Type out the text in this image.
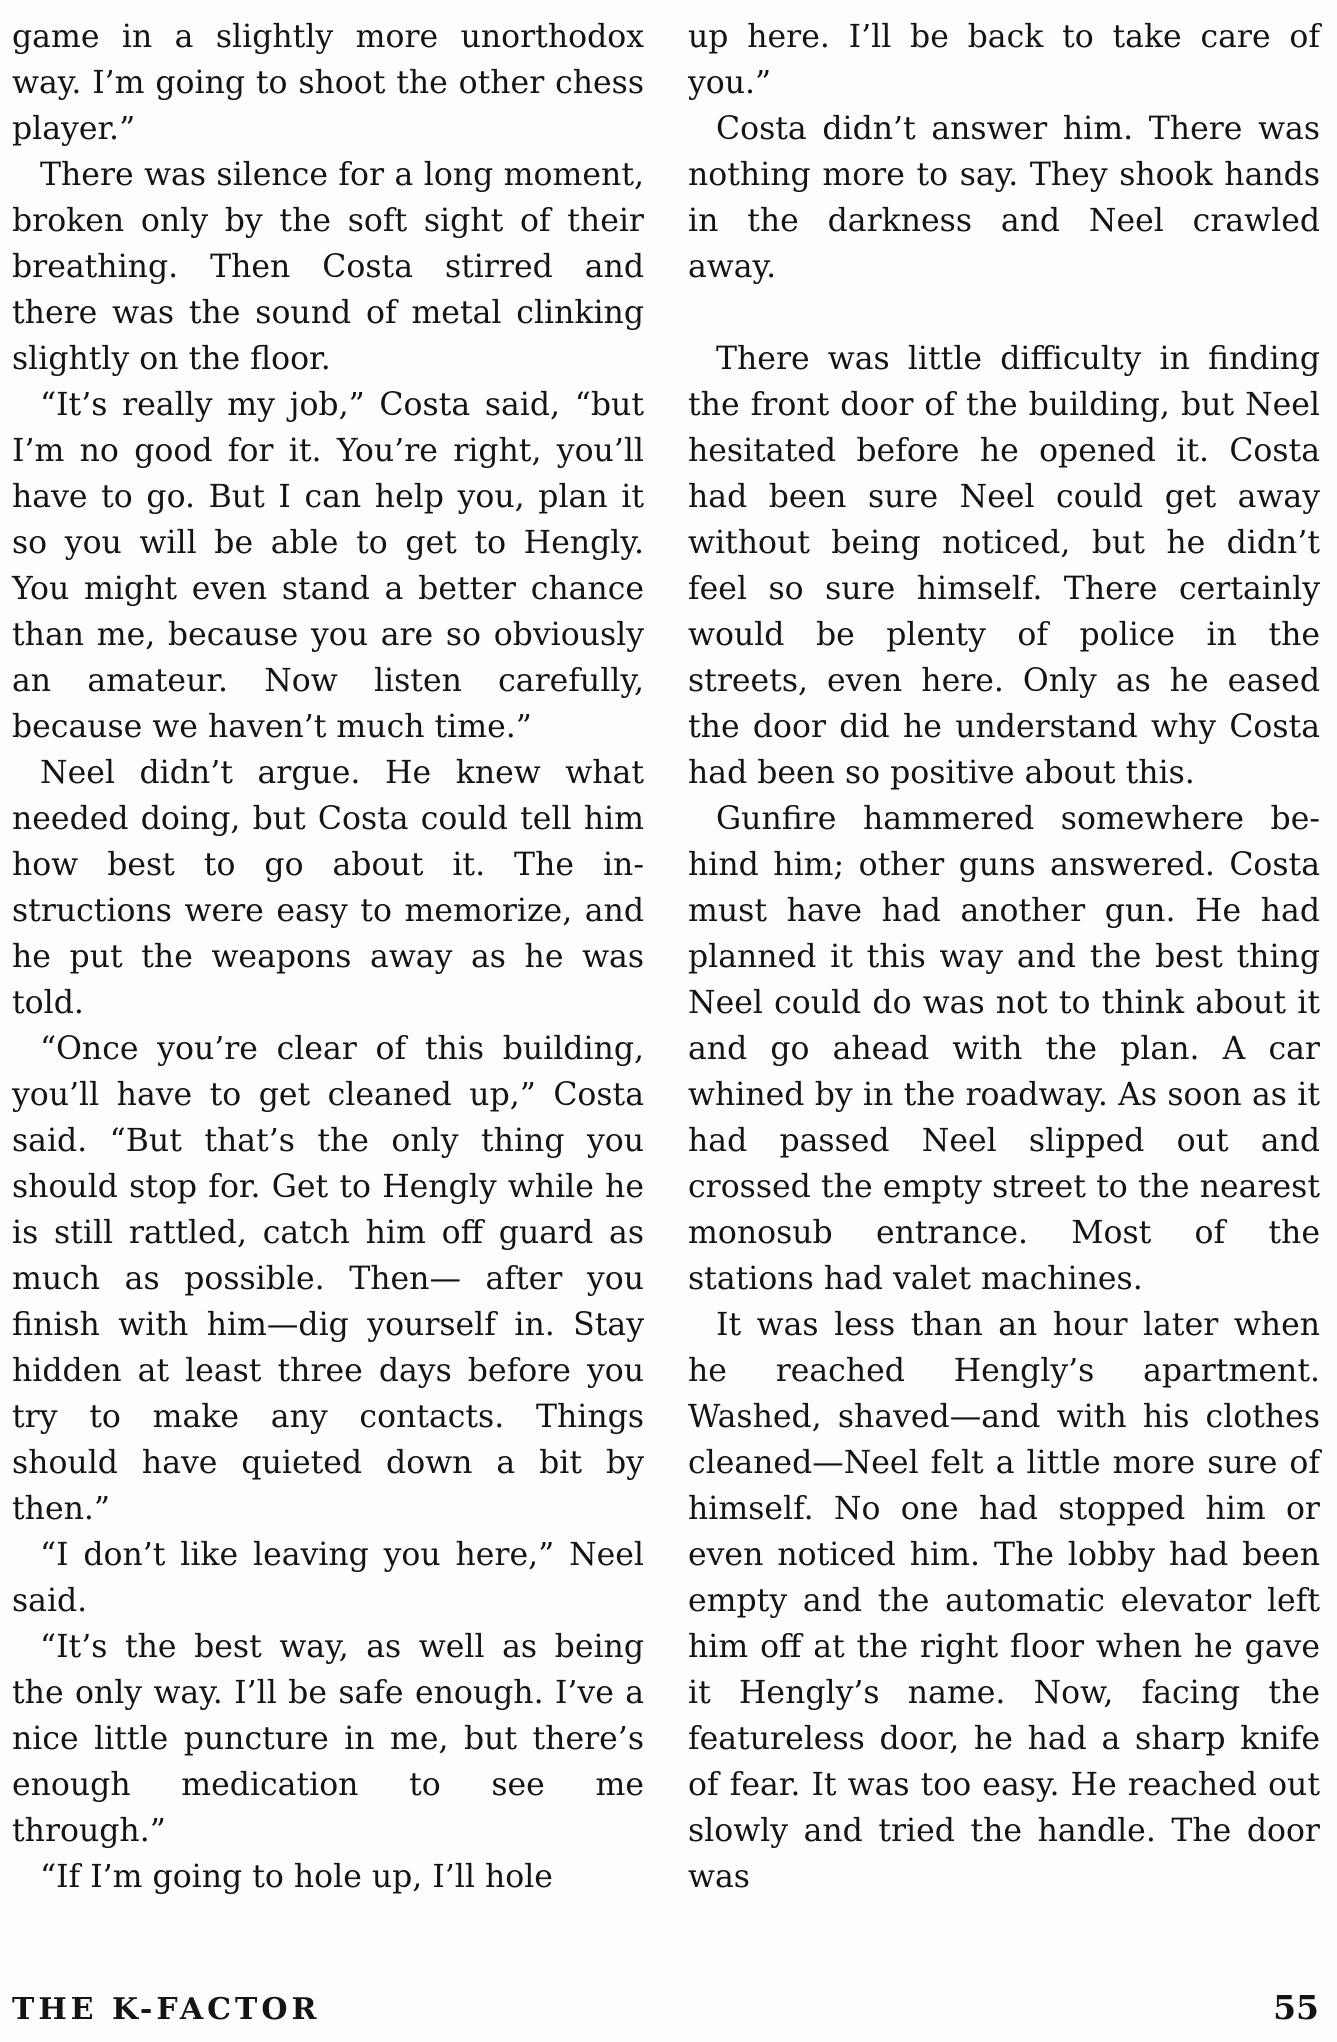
game in a slightly more unorthodox way. I’m going to shoot the other chess player.”

There was silence for a long moment, broken only by the soft sight of their breathing. Then Costa stirred and there was the sound of metal clinking slightly on the floor.

“It’s really my job,” Costa said, “but I’m no good for it. You’re right, you’ll have to go. But I can help you, plan it so you will be able to get to Hengly. You might even stand a better chance than me, because you are so obviously an amateur. Now listen carefully, because we haven’t much time.”

Neel didn’t argue. He knew what needed doing, but Costa could tell him how best to go about it. The instructions were easy to memorize, and he put the weapons away as he was told.

“Once you’re clear of this building, you’ll have to get cleaned up,” Costa said. “But that’s the only thing you should stop for. Get to Hengly while he is still rattled, catch him off guard as much as possible. Then— after you finish with him—dig yourself in. Stay hidden at least three days before you try to make any contacts. Things should have quieted down a bit by then.”

“I don’t like leaving you here,” Neel said.

“It’s the best way, as well as being the only way. I’ll be safe enough. I’ve a nice little puncture in me, but there’s enough medication to see me through.”

“If I’m going to hole up, I’ll hole

up here. I’ll be back to take care of you.”

Costa didn’t answer him. There was nothing more to say. They shook hands in the darkness and Neel crawled away.

There was little difficulty in finding the front door of the building, but Neel hesitated before he opened it. Costa had been sure Neel could get away without being noticed, but he didn’t feel so sure himself. There certainly would be plenty of police in the streets, even here. Only as he eased the door did he understand why Costa had been so positive about this.

Gunfire hammered somewhere behind him; other guns answered. Costa must have had another gun. He had planned it this way and the best thing Neel could do was not to think about it and go ahead with the plan. A car whined by in the roadway. As soon as it had passed Neel slipped out and crossed the empty street to the nearest monosub entrance. Most of the stations had valet machines.

It was less than an hour later when he reached Hengly’s apartment. Washed, shaved—and with his clothes cleaned—Neel felt a little more sure of himself. No one had stopped him or even noticed him. The lobby had been empty and the automatic elevator left him off at the right floor when he gave it Hengly’s name. Now, facing the featureless door, he had a sharp knife of fear. It was too easy. He reached out slowly and tried the handle. The door was

THE K-FACTOR	55
